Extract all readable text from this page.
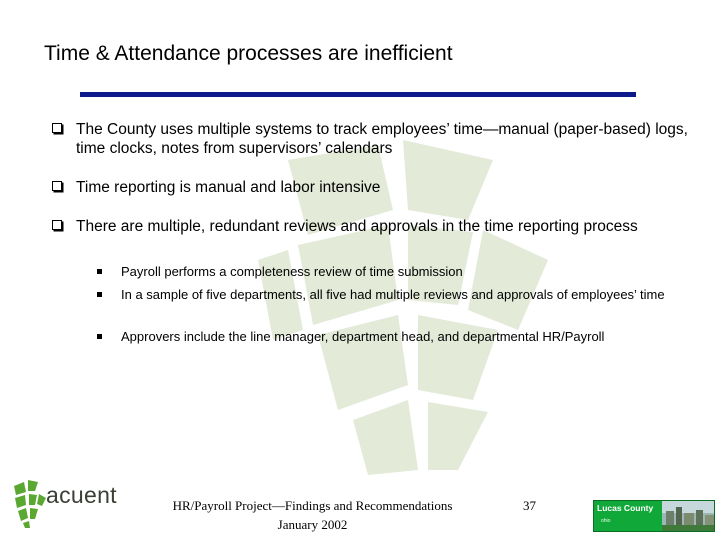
Time & Attendance processes are inefficient
The County uses multiple systems to track employees’ time—manual (paper-based) logs, time clocks, notes from supervisors’ calendars
Time reporting is manual and labor intensive
There are multiple, redundant reviews and approvals in the time reporting process
Payroll performs a completeness review of time submission
In a sample of five departments, all five had multiple reviews and approvals of employees’ time
Approvers include the line manager, department head, and departmental HR/Payroll
acuent	HR/Payroll Project—Findings and Recommendations
January 2002
37	Lucas County
ohio
